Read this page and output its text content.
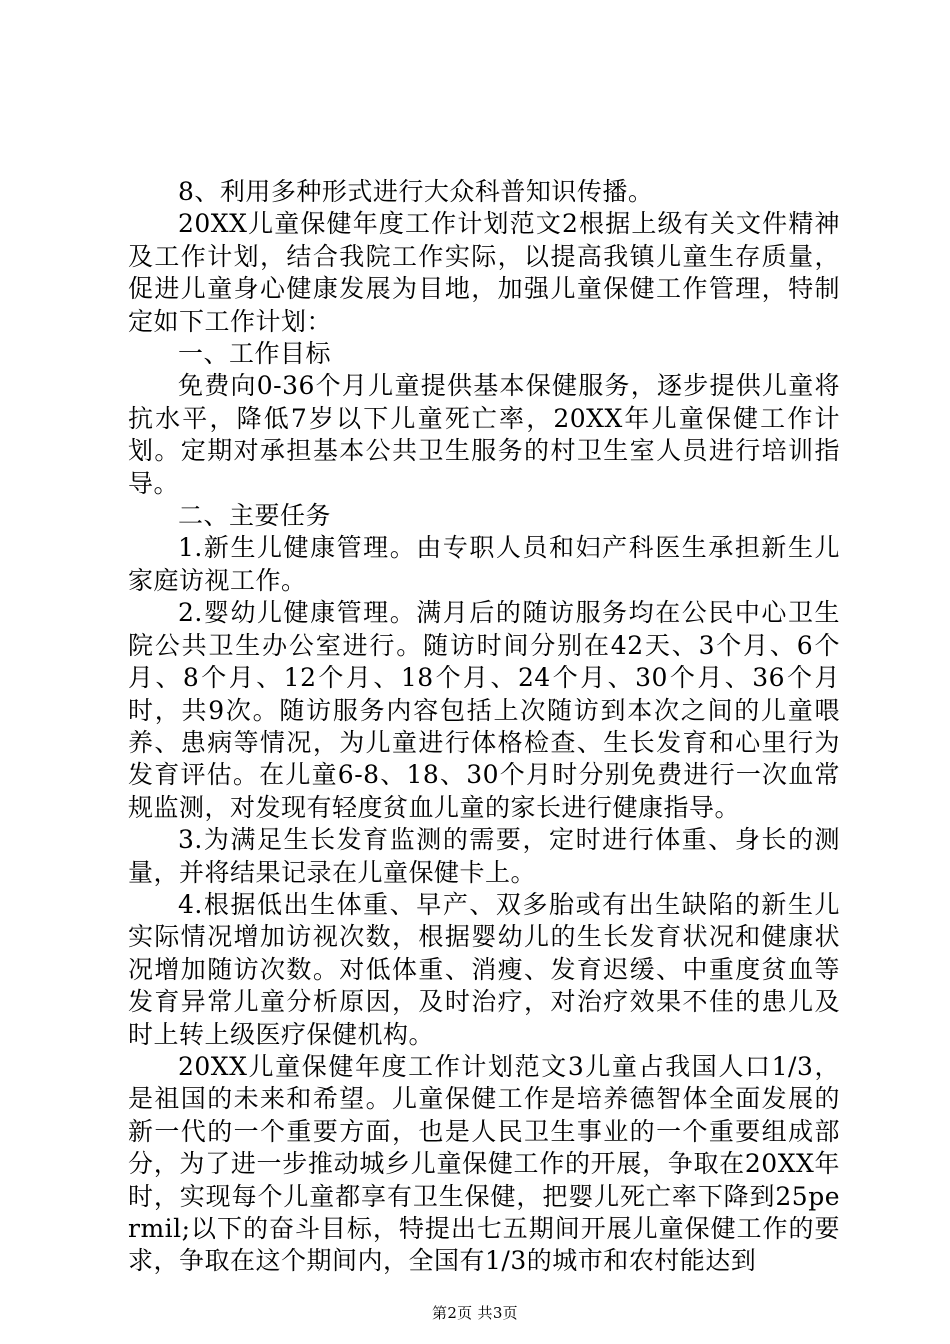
8、利用多种形式进行大众科普知识传播。

20XX儿童保健年度工作计划范文2根据上级有关文件精神及工作计划，结合我院工作实际，以提高我镇儿童生存质量，促进儿童身心健康发展为目地，加强儿童保健工作管理，特制定如下工作计划：

一、工作目标

免费向0-36个月儿童提供基本保健服务，逐步提供儿童将抗水平，降低7岁以下儿童死亡率，20XX年儿童保健工作计划。定期对承担基本公共卫生服务的村卫生室人员进行培训指导。

二、主要任务

1.新生儿健康管理。由专职人员和妇产科医生承担新生儿家庭访视工作。

2.婴幼儿健康管理。满月后的随访服务均在公民中心卫生院公共卫生办公室进行。随访时间分别在42天、3个月、6个月、8个月、12个月、18个月、24个月、30个月、36个月时，共9次。随访服务内容包括上次随访到本次之间的儿童喂养、患病等情况，为儿童进行体格检查、生长发育和心里行为发育评估。在儿童6-8、18、30个月时分别免费进行一次血常规监测，对发现有轻度贫血儿童的家长进行健康指导。

3.为满足生长发育监测的需要，定时进行体重、身长的测量，并将结果记录在儿童保健卡上。

4.根据低出生体重、早产、双多胎或有出生缺陷的新生儿实际情况增加访视次数，根据婴幼儿的生长发育状况和健康状况增加随访次数。对低体重、消瘦、发育迟缓、中重度贫血等发育异常儿童分析原因，及时治疗，对治疗效果不佳的患儿及时上转上级医疗保健机构。

20XX儿童保健年度工作计划范文3儿童占我国人口1/3，是祖国的未来和希望。儿童保健工作是培养德智体全面发展的新一代的一个重要方面，也是人民卫生事业的一个重要组成部分，为了进一步推动城乡儿童保健工作的开展，争取在20XX年时，实现每个儿童都享有卫生保健，把婴儿死亡率下降到25permil;以下的奋斗目标，特提出七五期间开展儿童保健工作的要求，争取在这个期间内，全国有1/3的城市和农村能达到

第2页 共3页
